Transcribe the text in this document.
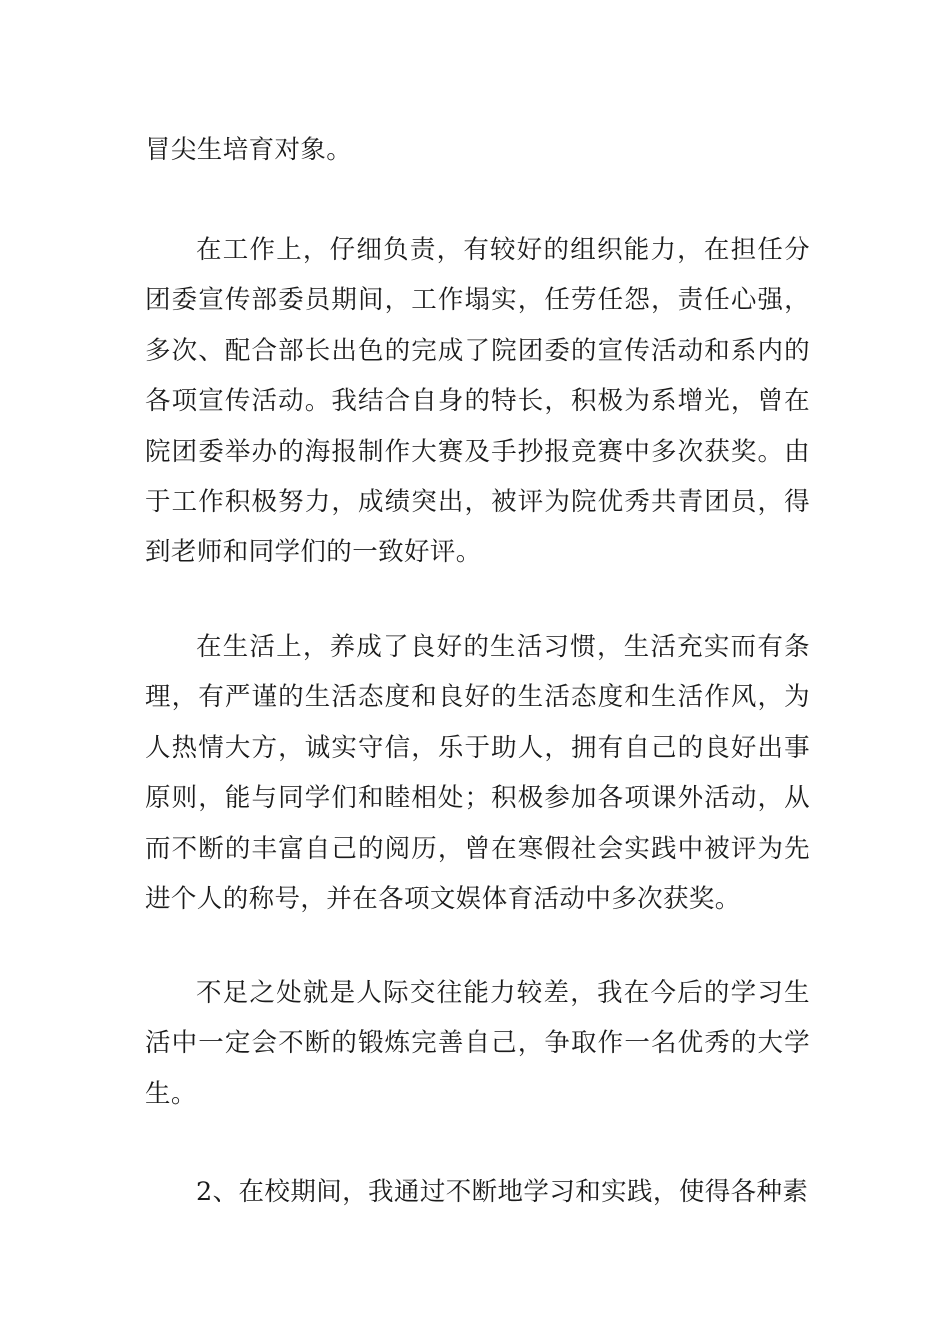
冒尖生培育对象。

在工作上，仔细负责，有较好的组织能力，在担任分团委宣传部委员期间，工作塌实，任劳任怨，责任心强，多次、配合部长出色的完成了院团委的宣传活动和系内的各项宣传活动。我结合自身的特长，积极为系增光，曾在院团委举办的海报制作大赛及手抄报竞赛中多次获奖。由于工作积极努力，成绩突出，被评为院优秀共青团员，得到老师和同学们的一致好评。

在生活上，养成了良好的生活习惯，生活充实而有条理，有严谨的生活态度和良好的生活态度和生活作风，为人热情大方，诚实守信，乐于助人，拥有自己的良好出事原则，能与同学们和睦相处；积极参加各项课外活动，从而不断的丰富自己的阅历，曾在寒假社会实践中被评为先进个人的称号，并在各项文娱体育活动中多次获奖。

不足之处就是人际交往能力较差，我在今后的学习生活中一定会不断的锻炼完善自己，争取作一名优秀的大学生。

2、在校期间，我通过不断地学习和实践，使得各种素
